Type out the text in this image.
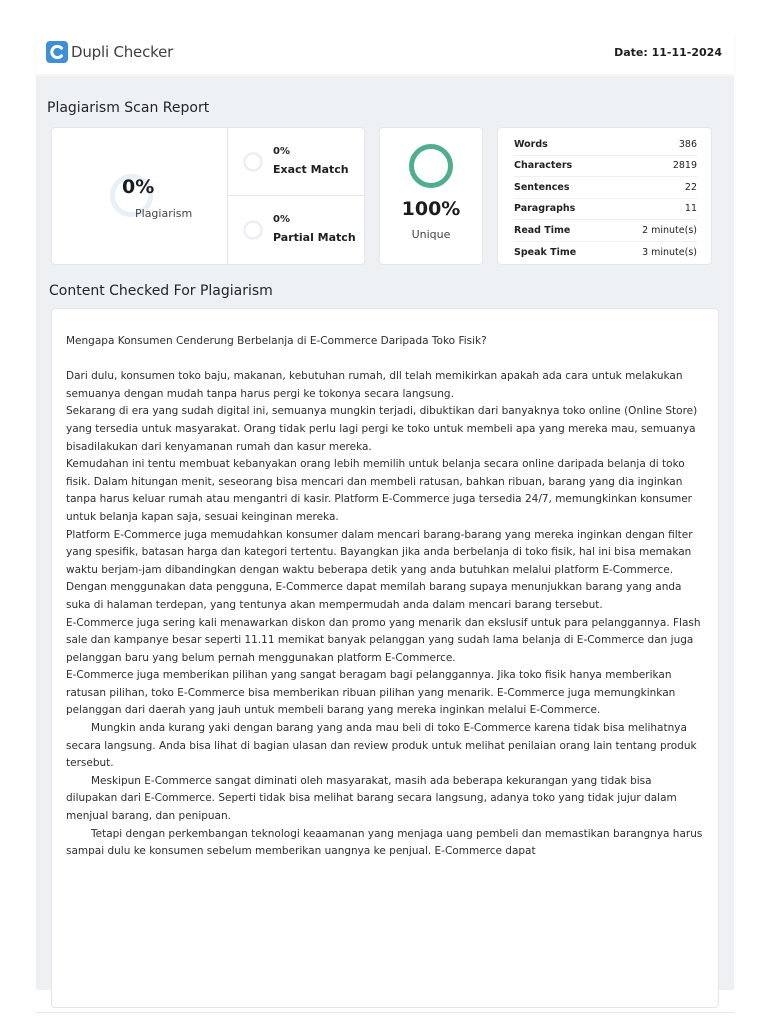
Dupli Checker	Date: 11-11-2024
Plagiarism Scan Report
0%
Plagiarism
0%
Exact Match
0%
Partial Match
100%
Unique
Words	386
Characters	2819
Sentences	22
Paragraphs	11
Read Time	2 minute(s)
Speak Time	3 minute(s)
Content Checked For Plagiarism
Mengapa Konsumen Cenderung Berbelanja di E-Commerce Daripada Toko Fisik?

Dari dulu, konsumen toko baju, makanan, kebutuhan rumah, dll telah memikirkan apakah ada cara untuk melakukan semuanya dengan mudah tanpa harus pergi ke tokonya secara langsung.

Sekarang di era yang sudah digital ini, semuanya mungkin terjadi, dibuktikan dari banyaknya toko online (Online Store) yang tersedia untuk masyarakat. Orang tidak perlu lagi pergi ke toko untuk membeli apa yang mereka mau, semuanya bisadilakukan dari kenyamanan rumah dan kasur mereka.

Kemudahan ini tentu membuat kebanyakan orang lebih memilih untuk belanja secara online daripada belanja di toko fisik. Dalam hitungan menit, seseorang bisa mencari dan membeli ratusan, bahkan ribuan, barang yang dia inginkan tanpa harus keluar rumah atau mengantri di kasir. Platform E-Commerce juga tersedia 24/7, memungkinkan konsumer untuk belanja kapan saja, sesuai keinginan mereka.

Platform E-Commerce juga memudahkan konsumer dalam mencari barang-barang yang mereka inginkan dengan filter yang spesifik, batasan harga dan kategori tertentu. Bayangkan jika anda berbelanja di toko fisik, hal ini bisa memakan waktu berjam-jam dibandingkan dengan waktu beberapa detik yang anda butuhkan melalui platform E-Commerce.

Dengan menggunakan data pengguna, E-Commerce dapat memilah barang supaya menunjukkan barang yang anda suka di halaman terdepan, yang tentunya akan mempermudah anda dalam mencari barang tersebut.

E-Commerce juga sering kali menawarkan diskon dan promo yang menarik dan ekslusif untuk para pelanggannya. Flash sale dan kampanye besar seperti 11.11 memikat banyak pelanggan yang sudah lama belanja di E-Commerce dan juga pelanggan baru yang belum pernah menggunakan platform E-Commerce.

E-Commerce juga memberikan pilihan yang sangat beragam bagi pelanggannya. Jika toko fisik hanya memberikan ratusan pilihan, toko E-Commerce bisa memberikan ribuan pilihan yang menarik. E-Commerce juga memungkinkan pelanggan dari daerah yang jauh untuk membeli barang yang mereka inginkan melalui E-Commerce.

Mungkin anda kurang yaki dengan barang yang anda mau beli di toko E-Commerce karena tidak bisa melihatnya secara langsung. Anda bisa lihat di bagian ulasan dan review produk untuk melihat penilaian orang lain tentang produk tersebut.

Meskipun E-Commerce sangat diminati oleh masyarakat, masih ada beberapa kekurangan yang tidak bisa dilupakan dari E-Commerce. Seperti tidak bisa melihat barang secara langsung, adanya toko yang tidak jujur dalam menjual barang, dan penipuan.

Tetapi dengan perkembangan teknologi keaamanan yang menjaga uang pembeli dan memastikan barangnya harus sampai dulu ke konsumen sebelum memberikan uangnya ke penjual. E-Commerce dapat
